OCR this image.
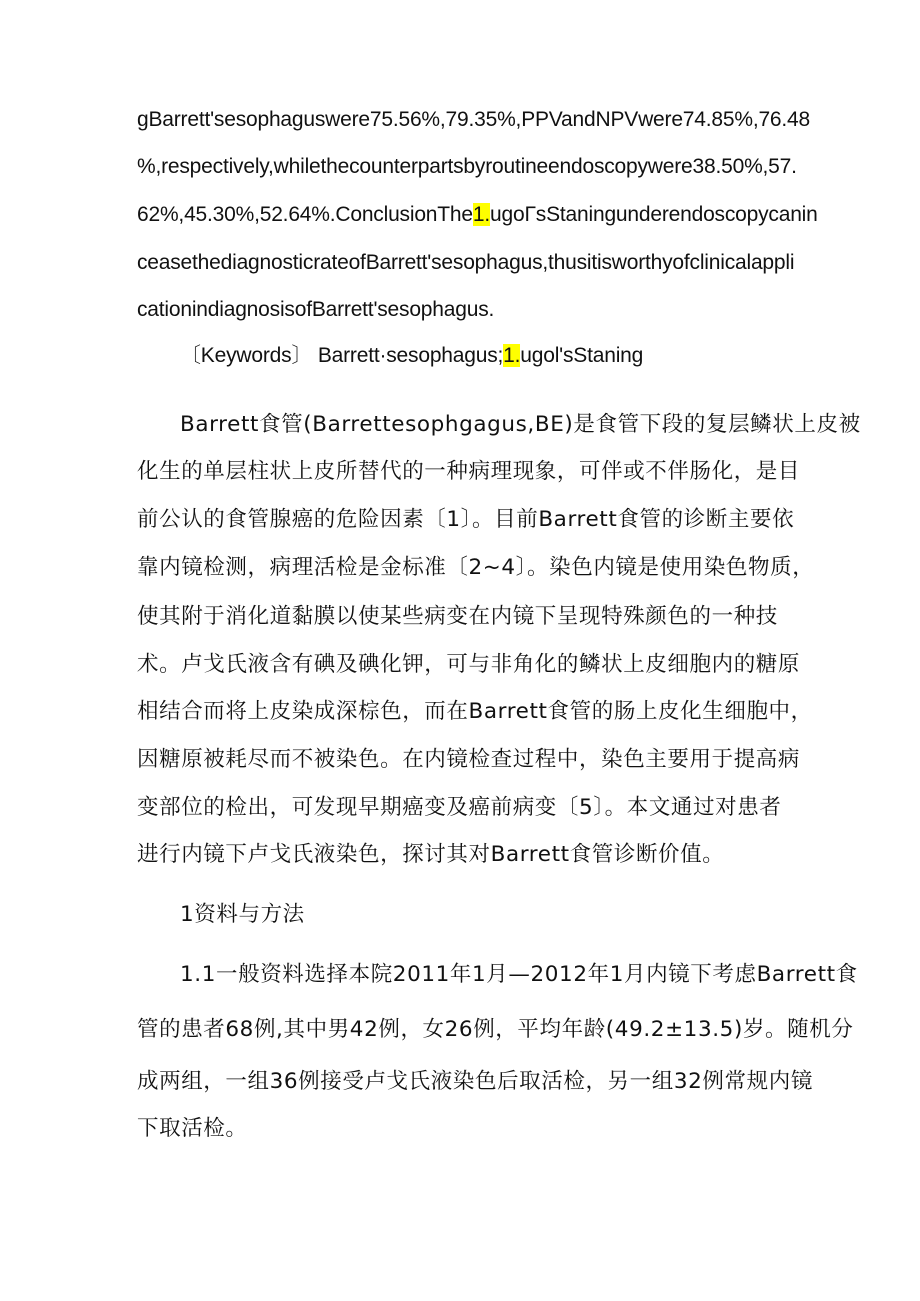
gBarrett'sesophaguswere75.56%,79.35%,PPVandNPVwere74.85%,76.48
%,respectively,whilethecounterpartsbyroutineendoscopywere38.50%,57.
62%,45.30%,52.64%.ConclusionThe1.ugoΓsStaningunderendoscopycanin
ceasethediagnosticrateofBarrett'sesophagus,thusitisworthyofclinicalappli
cationindiagnosisofBarrett'sesophagus.
〔Keywords〕 Barrett·sesophagus;1.ugol'sStaning
Barrett食管(Barrettesophgagus,BE)是食管下段的复层鳞状上皮被
化生的单层柱状上皮所替代的一种病理现象，可伴或不伴肠化，是目
前公认的食管腺癌的危险因素〔1〕。目前Barrett食管的诊断主要依
靠内镜检测，病理活检是金标准〔2~4〕。染色内镜是使用染色物质，
使其附于消化道黏膜以使某些病变在内镜下呈现特殊颜色的一种技
术。卢戈氏液含有碘及碘化钾，可与非角化的鳞状上皮细胞内的糖原
相结合而将上皮染成深棕色，而在Barrett食管的肠上皮化生细胞中，
因糖原被耗尽而不被染色。在内镜检查过程中，染色主要用于提高病
变部位的检出，可发现早期癌变及癌前病变〔5〕。本文通过对患者
进行内镜下卢戈氏液染色，探讨其对Barrett食管诊断价值。
1资料与方法
1.1一般资料选择本院2011年1月—2012年1月内镜下考虑Barrett食
管的患者68例,其中男42例，女26例，平均年龄(49.2±13.5)岁。随机分
成两组，一组36例接受卢戈氏液染色后取活检，另一组32例常规内镜
下取活检。
